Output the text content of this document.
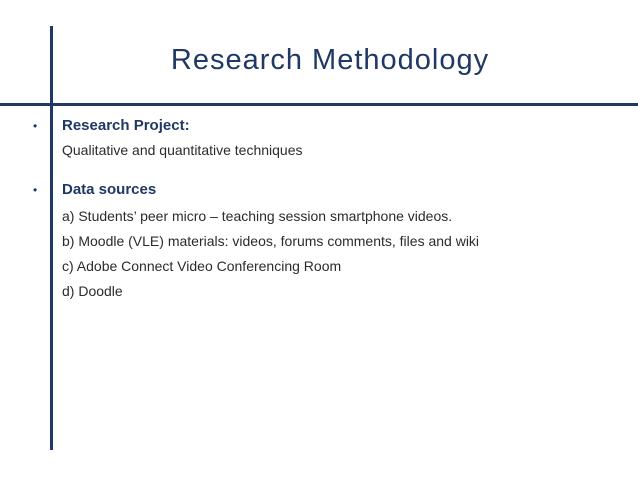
Research Methodology
• Research Project:
Qualitative and quantitative techniques
• Data sources
a) Students’ peer micro – teaching session smartphone videos.
b) Moodle (VLE) materials: videos, forums comments, files and wiki
c) Adobe Connect Video Conferencing Room
d) Doodle
